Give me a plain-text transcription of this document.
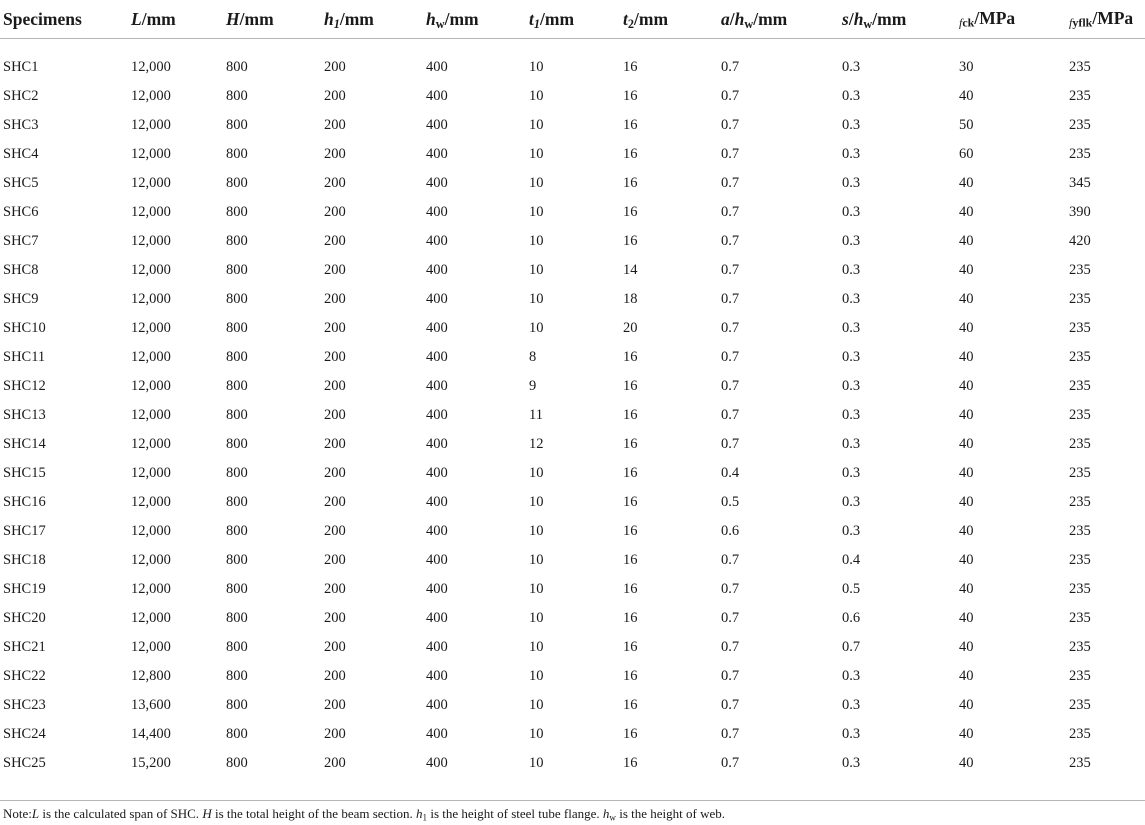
Specimens	L/mm	H/mm	$h_1/mm$	$h_w/mm$	$t_1/mm$	$t_2/mm$	$a/h_w/mm$	$s/h_w/mm$	fck/MPa	fyflk/MPa
SHC1	12,000	800	200	400	10	16	0.7	0.3	30	235
SHC2	12,000	800	200	400	10	16	0.7	0.3	40	235
SHC3	12,000	800	200	400	10	16	0.7	0.3	50	235
SHC4	12,000	800	200	400	10	16	0.7	0.3	60	235
SHC5	12,000	800	200	400	10	16	0.7	0.3	40	345
SHC6	12,000	800	200	400	10	16	0.7	0.3	40	390
SHC7	12,000	800	200	400	10	16	0.7	0.3	40	420
SHC8	12,000	800	200	400	10	14	0.7	0.3	40	235
SHC9	12,000	800	200	400	10	18	0.7	0.3	40	235
SHC10	12,000	800	200	400	10	20	0.7	0.3	40	235
SHC11	12,000	800	200	400	8	16	0.7	0.3	40	235
SHC12	12,000	800	200	400	9	16	0.7	0.3	40	235
SHC13	12,000	800	200	400	11	16	0.7	0.3	40	235
SHC14	12,000	800	200	400	12	16	0.7	0.3	40	235
SHC15	12,000	800	200	400	10	16	0.4	0.3	40	235
SHC16	12,000	800	200	400	10	16	0.5	0.3	40	235
SHC17	12,000	800	200	400	10	16	0.6	0.3	40	235
SHC18	12,000	800	200	400	10	16	0.7	0.4	40	235
SHC19	12,000	800	200	400	10	16	0.7	0.5	40	235
SHC20	12,000	800	200	400	10	16	0.7	0.6	40	235
SHC21	12,000	800	200	400	10	16	0.7	0.7	40	235
SHC22	12,800	800	200	400	10	16	0.7	0.3	40	235
SHC23	13,600	800	200	400	10	16	0.7	0.3	40	235
SHC24	14,400	800	200	400	10	16	0.7	0.3	40	235
SHC25	15,200	800	200	400	10	16	0.7	0.3	40	235
Note:L is the calculated span of SHC. H is the total height of the beam section. $h_1$ is the height of steel tube flange. $h_w$ is the height of web.
